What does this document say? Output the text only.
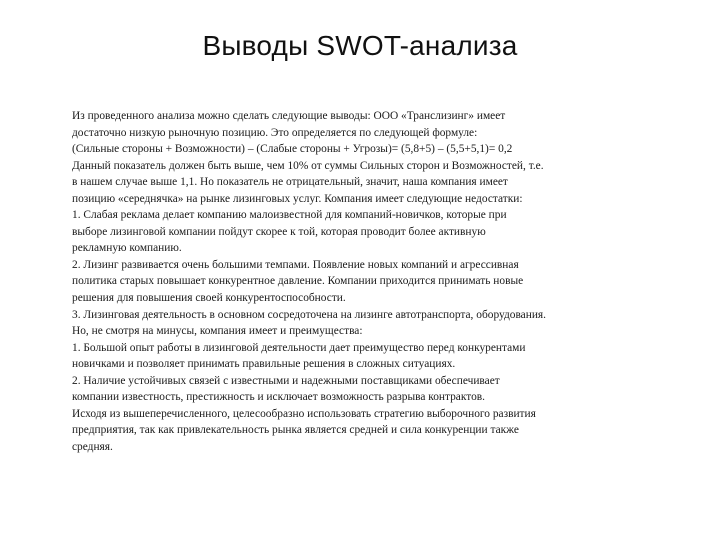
Выводы SWOT-анализа
Из проведенного анализа можно сделать следующие выводы: ООО «Транслизинг» имеет
достаточно низкую рыночную позицию. Это определяется по следующей формуле:
(Сильные стороны + Возможности) – (Слабые стороны + Угрозы)= (5,8+5) – (5,5+5,1)= 0,2
Данный показатель должен быть выше, чем 10% от суммы Сильных сторон и Возможностей, т.е.
в нашем случае выше 1,1. Но показатель не отрицательный, значит, наша компания имеет
позицию «середнячка» на рынке лизинговых услуг. Компания имеет следующие недостатки:
1. Слабая реклама делает компанию малоизвестной для компаний-новичков, которые при
выборе лизинговой компании пойдут скорее к той, которая проводит более активную
рекламную компанию.
2. Лизинг развивается очень большими темпами. Появление новых компаний и агрессивная
политика старых повышает конкурентное давление. Компании приходится принимать новые
решения для повышения своей конкурентоспособности.
3. Лизинговая деятельность в основном сосредоточена на лизинге автотранспорта, оборудования.
Но, не смотря на минусы, компания имеет и преимущества:
1. Большой опыт работы в лизинговой деятельности дает преимущество перед конкурентами
новичками и позволяет принимать правильные решения в сложных ситуациях.
2. Наличие устойчивых связей с известными и надежными поставщиками обеспечивает
компании известность, престижность и исключает возможность разрыва контрактов.
Исходя из вышеперечисленного, целесообразно использовать стратегию выборочного развития
предприятия, так как привлекательность рынка является средней и сила конкуренции также
средняя.
